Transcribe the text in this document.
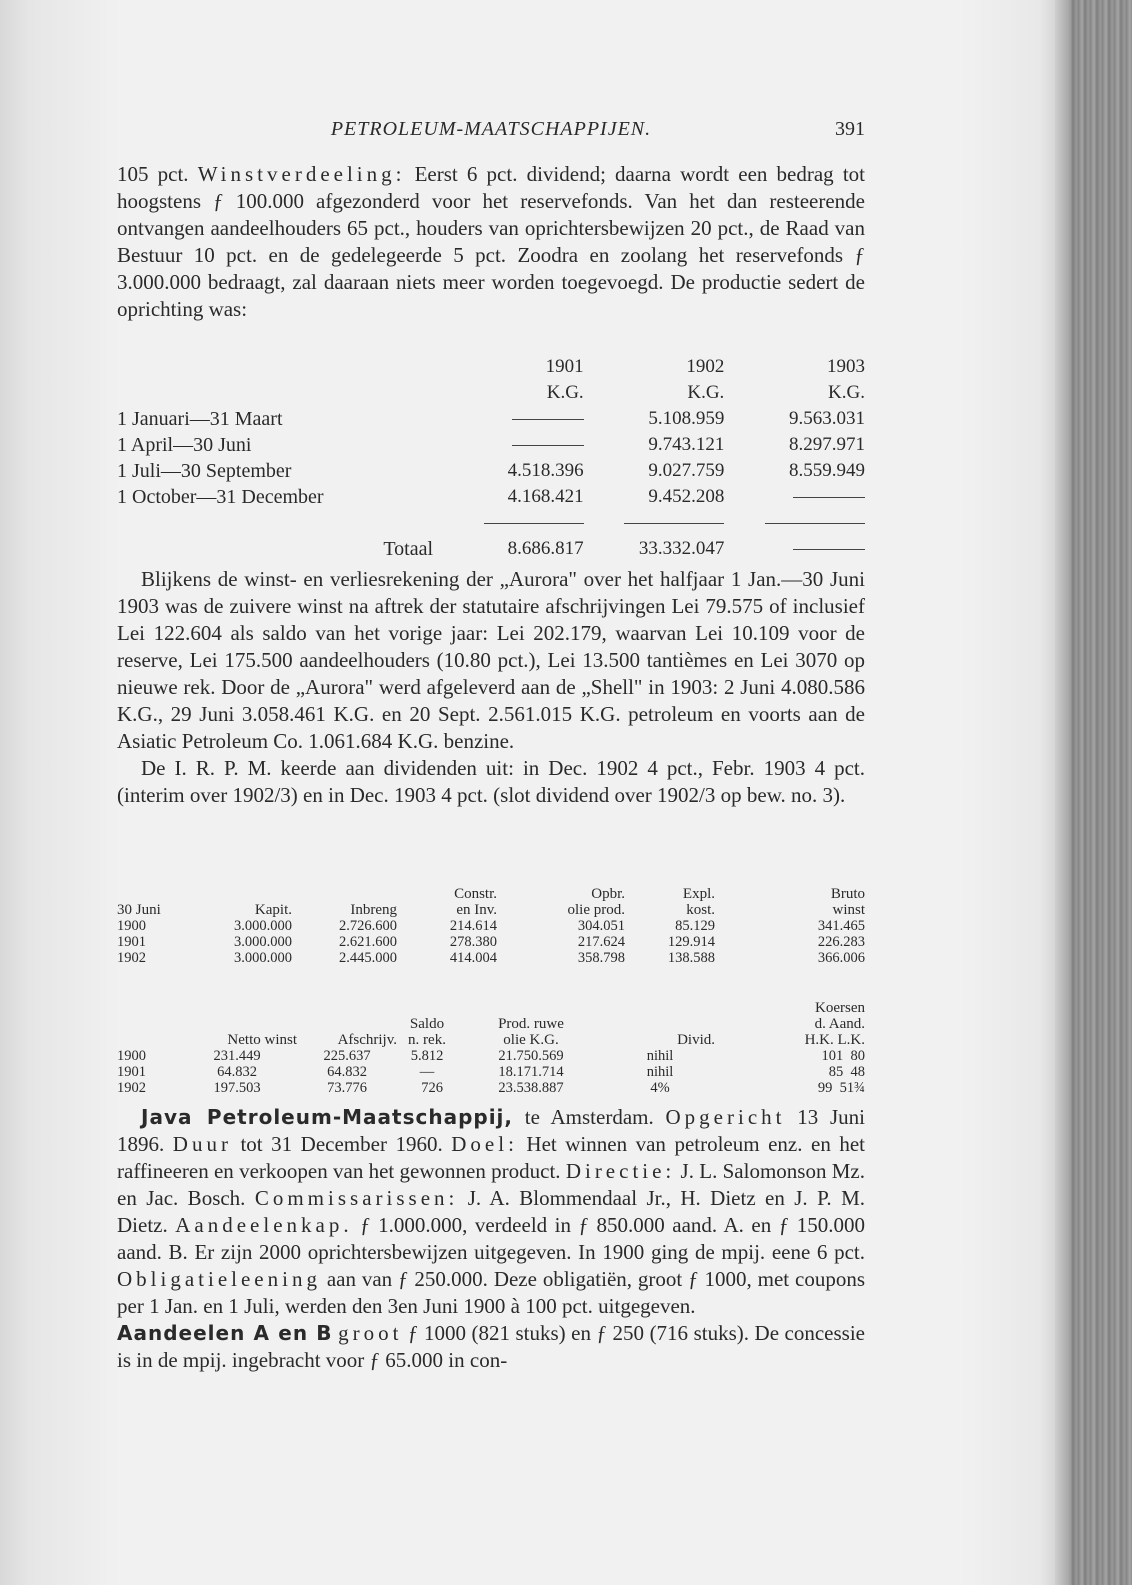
PETROLEUM-MAATSCHAPPIJEN.	391

105 pct. Winstverdeeling: Eerst 6 pct. dividend; daarna wordt een bedrag tot hoogstens ƒ 100.000 afgezonderd voor het reservefonds. Van het dan resteerende ontvangen aandeelhouders 65 pct., houders van oprichtersbewijzen 20 pct., de Raad van Bestuur 10 pct. en de gedelegeerde 5 pct. Zoodra en zoolang het reservefonds ƒ 3.000.000 bedraagt, zal daaraan niets meer worden toegevoegd. De productie sedert de oprichting was:

	1901	1902	1903
	K.G.	K.G.	K.G.
1 Januari—31 Maart		5.108.959	9.563.031
1 April—30 Juni		9.743.121	8.297.971
1 Juli—30 September	4.518.396	9.027.759	8.559.949
1 October—31 December	4.168.421	9.452.208	

Totaal	8.686.817	33.332.047	

Blijkens de winst- en verliesrekening der „Aurora" over het halfjaar 1 Jan.—30 Juni 1903 was de zuivere winst na aftrek der statutaire afschrijvingen Lei 79.575 of inclusief Lei 122.604 als saldo van het vorige jaar: Lei 202.179, waarvan Lei 10.109 voor de reserve, Lei 175.500 aandeelhouders (10.80 pct.), Lei 13.500 tantièmes en Lei 3070 op nieuwe rek. Door de „Aurora" werd afgeleverd aan de „Shell" in 1903: 2 Juni 4.080.586 K.G., 29 Juni 3.058.461 K.G. en 20 Sept. 2.561.015 K.G. petroleum en voorts aan de Asiatic Petroleum Co. 1.061.684 K.G. benzine.

De I. R. P. M. keerde aan dividenden uit: in Dec. 1902 4 pct., Febr. 1903 4 pct. (interim over 1902/3) en in Dec. 1903 4 pct. (slot dividend over 1902/3 op bew. no. 3).

			Constr.	Opbr.	Expl.	Bruto
30 Juni	Kapit.	Inbreng	en Inv.	olie prod.	kost.	winst
1900	3.000.000	2.726.600	214.614	304.051	85.129	341.465
1901	3.000.000	2.621.600	278.380	217.624	129.914	226.283
1902	3.000.000	2.445.000	414.004	358.798	138.588	366.006
						Koersen
			Saldo	Prod. ruwe		d. Aand.
	Netto winst	Afschrijv.	n. rek.	olie K.G.	Divid.	H.K. L.K.
1900	231.449	225.637	5.812	21.750.569	nihil	101  80
1901	64.832	64.832	—	18.171.714	nihil	85  48
1902	197.503	73.776	726	23.538.887	4%	99  51¾

Java Petroleum-Maatschappij, te Amsterdam. Opgericht 13 Juni 1896. Duur tot 31 December 1960. Doel: Het winnen van petroleum enz. en het raffineeren en verkoopen van het gewonnen product. Directie: J. L. Salomonson Mz. en Jac. Bosch. Commissarissen: J. A. Blommendaal Jr., H. Dietz en J. P. M. Dietz. Aandeelenkap. ƒ 1.000.000, verdeeld in ƒ 850.000 aand. A. en ƒ 150.000 aand. B. Er zijn 2000 oprichtersbewijzen uitgegeven. In 1900 ging de mpij. eene 6 pct. Obligatieleening aan van ƒ 250.000. Deze obligatiën, groot ƒ 1000, met coupons per 1 Jan. en 1 Juli, werden den 3en Juni 1900 à 100 pct. uitgegeven.

Aandeelen A en B groot ƒ 1000 (821 stuks) en ƒ 250 (716 stuks). De concessie is in de mpij. ingebracht voor ƒ 65.000 in con-
